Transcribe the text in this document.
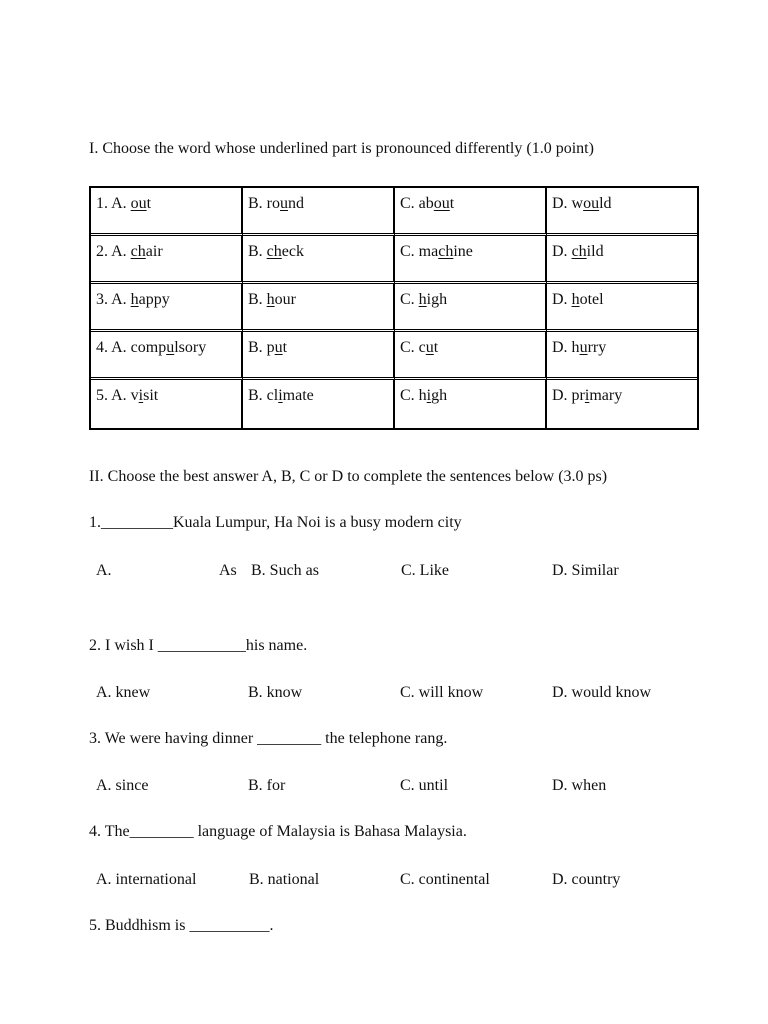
I. Choose the word whose underlined part is pronounced differently (1.0 point)
1. A. out	B. round	C. about	D. would
2. A. chair	B. check	C. machine	D. child
3. A. happy	B. hour	C. high	D. hotel
4. A. compulsory	B. put	C. cut	D. hurry
5. A. visit	B. climate	C. high	D. primary
II. Choose the best answer A, B, C or D to complete the sentences below (3.0 ps)
1._________Kuala Lumpur, Ha Noi is a busy modern city
A.	As B. Such as	C. Like	D. Similar
2. I wish I ___________his name.
A. knew	B. know	C. will know	D. would know
3. We were having dinner ________ the telephone rang.
A. since	B. for	C. until	D. when
4. The________ language of Malaysia is Bahasa Malaysia.
A. international	B. national	C. continental	D. country
5. Buddhism is __________.
